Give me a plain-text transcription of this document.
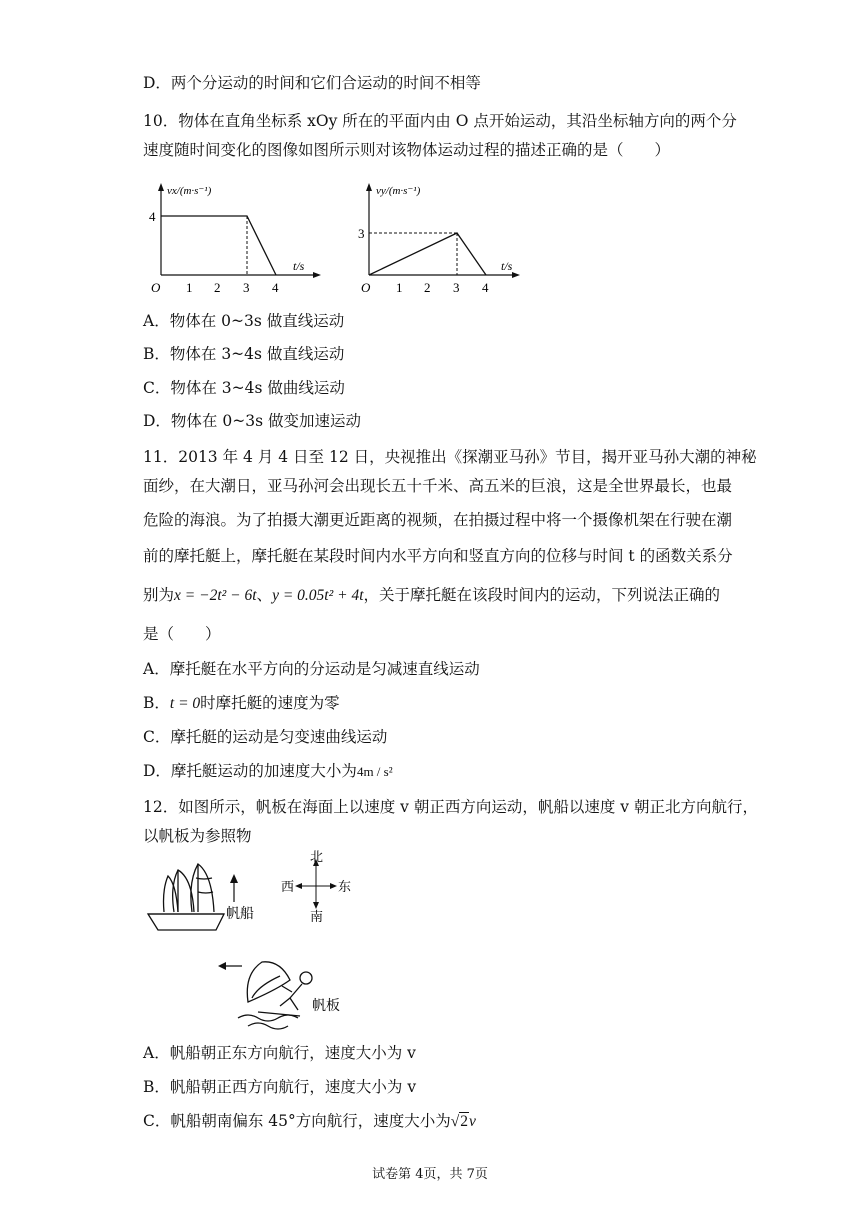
D．两个分运动的时间和它们合运动的时间不相等
10．物体在直角坐标系 xOy 所在的平面内由 O 点开始运动，其沿坐标轴方向的两个分
速度随时间变化的图像如图所示则对该物体运动过程的描述正确的是（　　）
vx/(m·s⁻¹)
t/s
O
4
1 2 3 4
vy/(m·s⁻¹)
t/s
O
3
1 2 3 4
A．物体在 0~3s 做直线运动
B．物体在 3~4s 做直线运动
C．物体在 3~4s 做曲线运动
D．物体在 0~3s 做变加速运动
11．2013 年 4 月 4 日至 12 日，央视推出《探潮亚马孙》节目，揭开亚马孙大潮的神秘
面纱，在大潮日，亚马孙河会出现长五十千米、高五米的巨浪，这是全世界最长，也最
危险的海浪。为了拍摄大潮更近距离的视频，在拍摄过程中将一个摄像机架在行驶在潮
前的摩托艇上，摩托艇在某段时间内水平方向和竖直方向的位移与时间 t 的函数关系分
别为x = −2t² − 6t、y = 0.05t² + 4t，关于摩托艇在该段时间内的运动，下列说法正确的
是（　　）
A．摩托艇在水平方向的分运动是匀减速直线运动
B．t = 0时摩托艇的速度为零
C．摩托艇的运动是匀变速曲线运动
D．摩托艇运动的加速度大小为4m / s²
12．如图所示，帆板在海面上以速度 v 朝正西方向运动，帆船以速度 v 朝正北方向航行，
以帆板为参照物
帆船
北
南
西	东
帆板
A．帆船朝正东方向航行，速度大小为 v
B．帆船朝正西方向航行，速度大小为 v
C．帆船朝南偏东 45°方向航行，速度大小为√2v
试卷第 4页，共 7页
